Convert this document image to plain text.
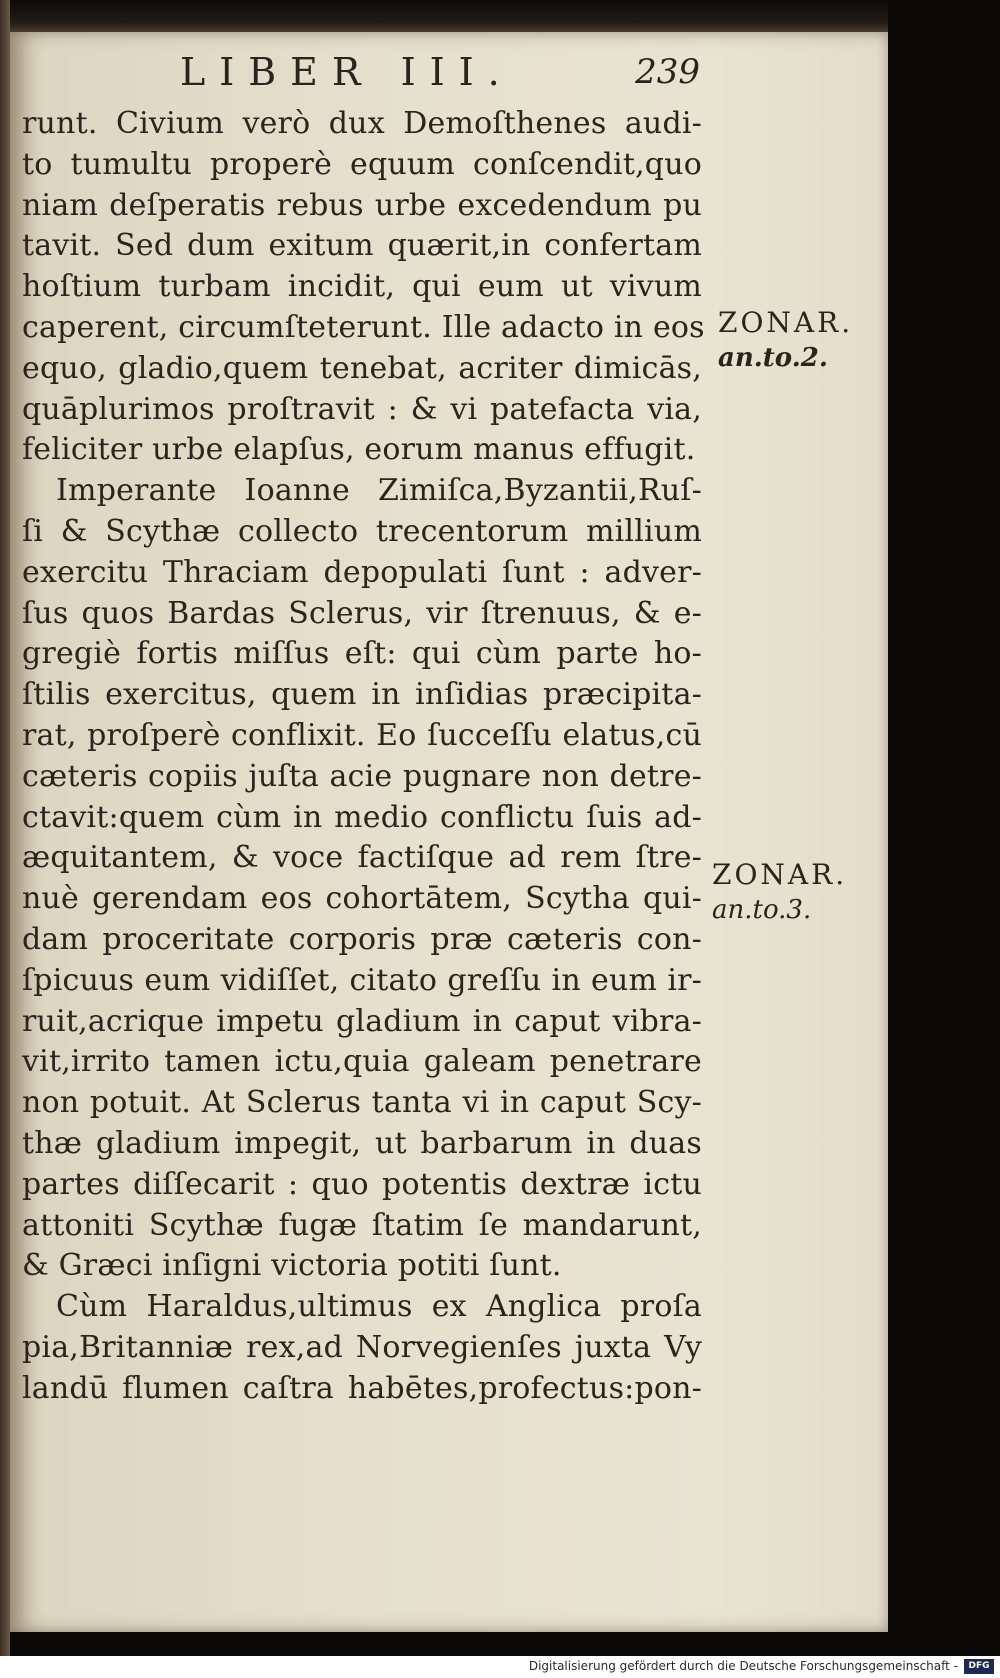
LIBER III.	239
runt. Civium verò dux Demoſthenes audi-
to tumultu properè equum conſcendit,quo
niam deſperatis rebus urbe excedendum pu
tavit. Sed dum exitum quærit,in confertam
hoſtium turbam incidit, qui eum ut vivum
caperent, circumſteterunt. Ille adacto in eos
equo, gladio,quem tenebat, acriter dimicās,
quāplurimos proſtravit : & vi patefacta via,
feliciter urbe elapſus, eorum manus effugit.
Imperante Ioanne Zimiſca,Byzantii,Ruſ-
ſi & Scythæ collecto trecentorum millium
exercitu Thraciam depopulati ſunt : adver-
ſus quos Bardas Sclerus, vir ſtrenuus, & e-
gregiè fortis miſſus eſt: qui cùm parte ho-
ſtilis exercitus, quem in inſidias præcipita-
rat, proſperè conflixit. Eo ſucceſſu elatus,cū
cæteris copiis juſta acie pugnare non detre-
ctavit:quem cùm in medio conflictu ſuis ad-
æquitantem, & voce factiſque ad rem ſtre-
nuè gerendam eos cohortātem, Scytha qui-
dam proceritate corporis præ cæteris con-
ſpicuus eum vidiſſet, citato greſſu in eum ir-
ruit,acrique impetu gladium in caput vibra-
vit,irrito tamen ictu,quia galeam penetrare
non potuit. At Sclerus tanta vi in caput Scy-
thæ gladium impegit, ut barbarum in duas
partes diſſecarit : quo potentis dextræ ictu
attoniti Scythæ fugæ ſtatim ſe mandarunt,
& Græci inſigni victoria potiti ſunt.
Cùm Haraldus,ultimus ex Anglica proſa
pia,Britanniæ rex,ad Norvegienſes juxta Vy
landū flumen caſtra habētes,profectus:pon-
ZONAR.
an.to.2.
ZONAR.
an.to.3.
Digitalisierung gefördert durch die Deutsche Forschungsgemeinschaft -	DFG
